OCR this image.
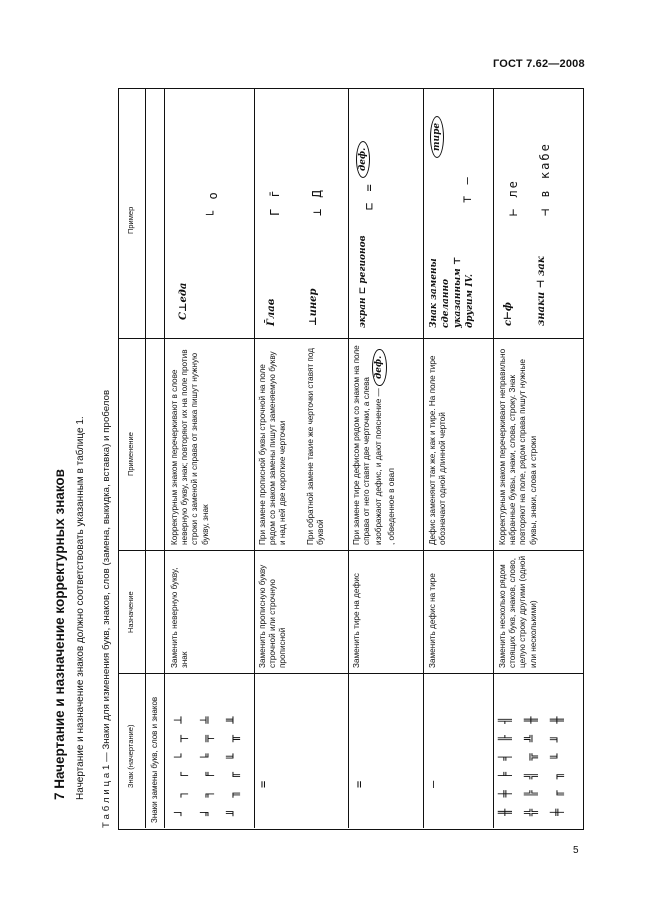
ГОСТ 7.62—2008
7 Начертание и назначение корректурных знаков Начертание и назначение знаков должно соответствовать указанным в таблице 1. Т а б л и ц а 1 — Знаки для изменения букв, знаков, слов (замена, выкидка, вставка) и пробелов Знак (начертание)
Назначение
Применение
Пример
Знаки замены букв, слов и знаков ┘ ┐ ┌ └ ┬ ┴ ╛ ╕ ╒ ╘ ╤ ╧ ╜ ╖ ╓ ╙ ╥ ╨
Заменить неверную букву, знак
Корректурным знаком перечеркивают в слове неверную букву, знак; повторяют их на поле против строки с заменой и справа от знака пишут нужную букву, знак
С⊥еда
└ о
=
Заменить прописную букву строчной или строчную прописной
При замене прописной буквы строчной на поле рядом со знаком замены пишут заменяемую букву и над ней две короткие черточки При обратной замене такие же черточки ставят под буквой
Г̄лав
Г г̄
⊥инер
⊥ Д
=
Заменить тире на дефис
При замене тире дефисом рядом со знаком на поле справа от него ставят две черточки, а слева изображают дефис, и дают пояснение — деф. , обведенное в овал
экран ⊏ регионов
⊏ =
деф.
—
Заменить дефис на тире
Дефис заменяют так же, как и тире. На поле тире обозначают одной длинной чертой
Знак замены сделанно указанным ⊤ другим IV.
⊤ —
тире
╫ ╪ ╞ ╡ ╟ ╢ ╬ ╠ ╣ ╦ ╩ ╫ ╪ ╓ ╖ ╙ ╜ ╫
Заменить несколько рядом стоящих букв, знаков, слово, целую строку другими (одной или несколькими)
Корректурным знаком перечеркивают неправильно набранные буквы, знаки, слова, строку. Знак повторяют на поле, рядом справа пишут нужные буквы, знаки, слова и строки
с⊢ф
⊢ ле
знаки ⊣ зак
⊣ в кабе
5
